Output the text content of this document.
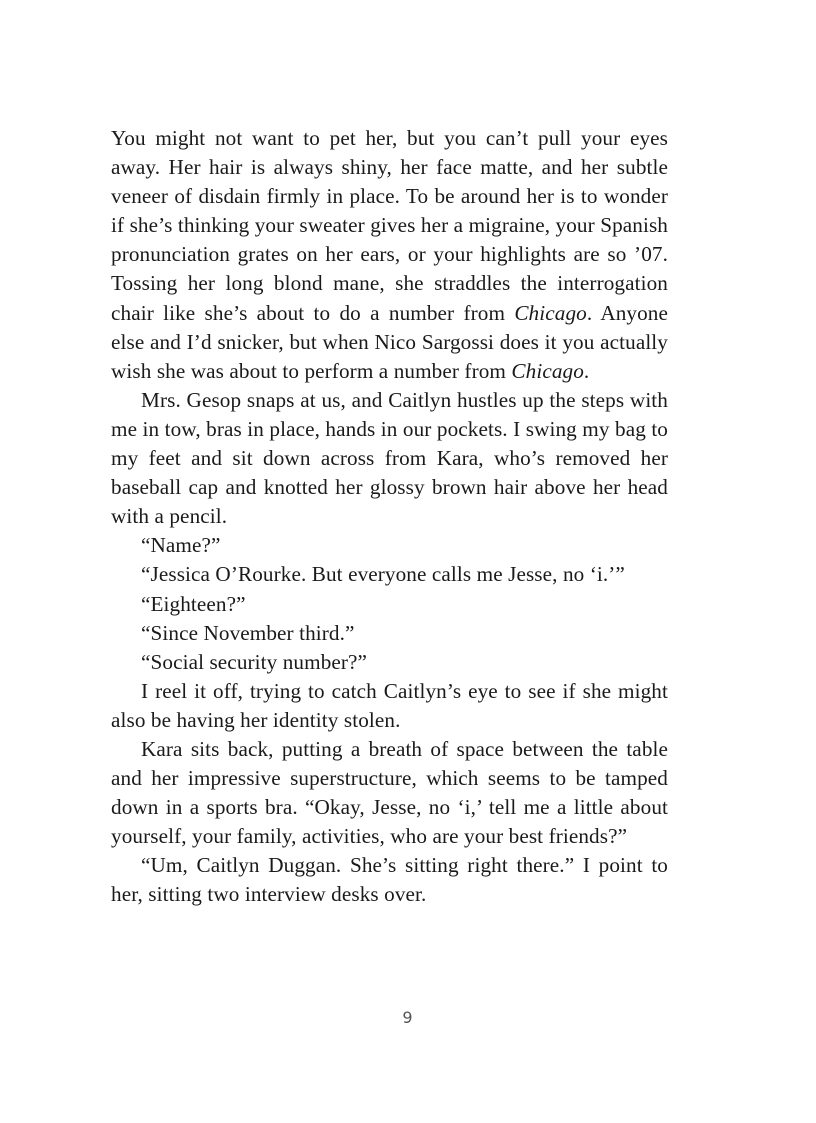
You might not want to pet her, but you can’t pull your eyes away. Her hair is always shiny, her face matte, and her subtle veneer of disdain firmly in place. To be around her is to wonder if she’s thinking your sweater gives her a migraine, your Spanish pronunciation grates on her ears, or your highlights are so ’07. Tossing her long blond mane, she straddles the interrogation chair like she’s about to do a number from Chicago. Anyone else and I’d snicker, but when Nico Sargossi does it you actually wish she was about to perform a number from Chicago.

Mrs. Gesop snaps at us, and Caitlyn hustles up the steps with me in tow, bras in place, hands in our pockets. I swing my bag to my feet and sit down across from Kara, who’s removed her baseball cap and knotted her glossy brown hair above her head with a pencil.

“Name?”

“Jessica O’Rourke. But everyone calls me Jesse, no ‘i.’”

“Eighteen?”

“Since November third.”

“Social security number?”

I reel it off, trying to catch Caitlyn’s eye to see if she might also be having her identity stolen.

Kara sits back, putting a breath of space between the table and her impressive superstructure, which seems to be tamped down in a sports bra. “Okay, Jesse, no ‘i,’ tell me a little about yourself, your family, activities, who are your best friends?”

“Um, Caitlyn Duggan. She’s sitting right there.” I point to her, sitting two interview desks over.

9
